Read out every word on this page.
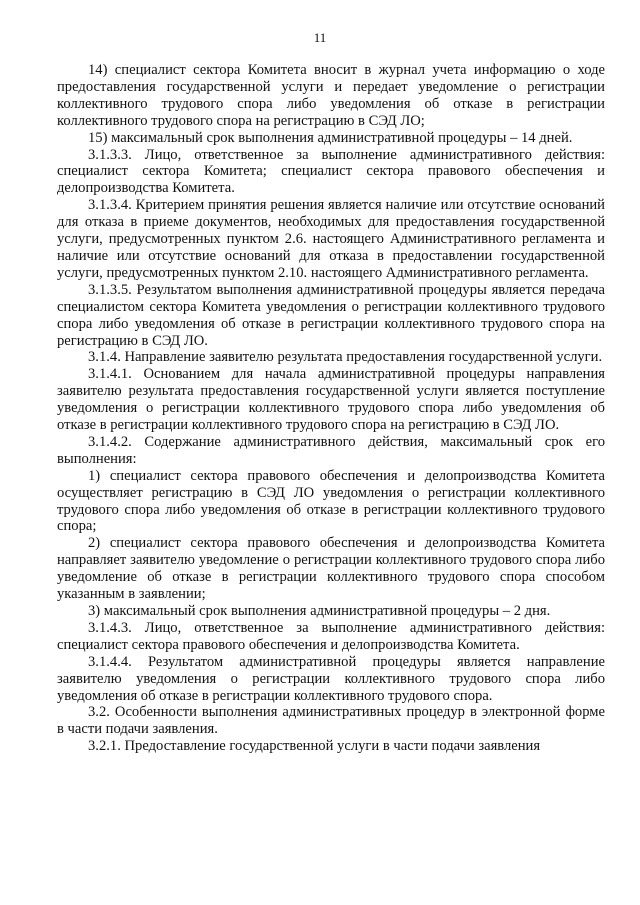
11

14) специалист сектора Комитета вносит в журнал учета информацию о ходе предоставления государственной услуги и передает уведомление о регистрации коллективного трудового спора либо уведомления об отказе в регистрации коллективного трудового спора на регистрацию в СЭД ЛО;

15) максимальный срок выполнения административной процедуры – 14 дней.

3.1.3.3. Лицо, ответственное за выполнение административного действия: специалист сектора Комитета; специалист сектора правового обеспечения и делопроизводства Комитета.

3.1.3.4. Критерием принятия решения является наличие или отсутствие оснований для отказа в приеме документов, необходимых для предоставления государственной услуги, предусмотренных пунктом 2.6. настоящего Административного регламента и наличие или отсутствие оснований для отказа в предоставлении государственной услуги, предусмотренных пунктом 2.10. настоящего Административного регламента.

3.1.3.5. Результатом выполнения административной процедуры является передача специалистом сектора Комитета уведомления о регистрации коллективного трудового спора либо уведомления об отказе в регистрации коллективного трудового спора на регистрацию в СЭД ЛО.

3.1.4. Направление заявителю результата предоставления государственной услуги.

3.1.4.1. Основанием для начала административной процедуры направления заявителю результата предоставления государственной услуги является поступление уведомления о регистрации коллективного трудового спора либо уведомления об отказе в регистрации коллективного трудового спора на регистрацию в СЭД ЛО.

3.1.4.2. Содержание административного действия, максимальный срок его выполнения:

1) специалист сектора правового обеспечения и делопроизводства Комитета осуществляет регистрацию в СЭД ЛО уведомления о регистрации коллективного трудового спора либо уведомления об отказе в регистрации коллективного трудового спора;

2) специалист сектора правового обеспечения и делопроизводства Комитета направляет заявителю уведомление о регистрации коллективного трудового спора либо уведомление об отказе в регистрации коллективного трудового спора способом указанным в заявлении;

3) максимальный срок выполнения административной процедуры – 2 дня.

3.1.4.3. Лицо, ответственное за выполнение административного действия: специалист сектора правового обеспечения и делопроизводства Комитета.

3.1.4.4. Результатом административной процедуры является направление заявителю уведомления о регистрации коллективного трудового спора либо уведомления об отказе в регистрации коллективного трудового спора.

3.2. Особенности выполнения административных процедур в электронной форме в части подачи заявления.

3.2.1. Предоставление государственной услуги в части подачи заявления
